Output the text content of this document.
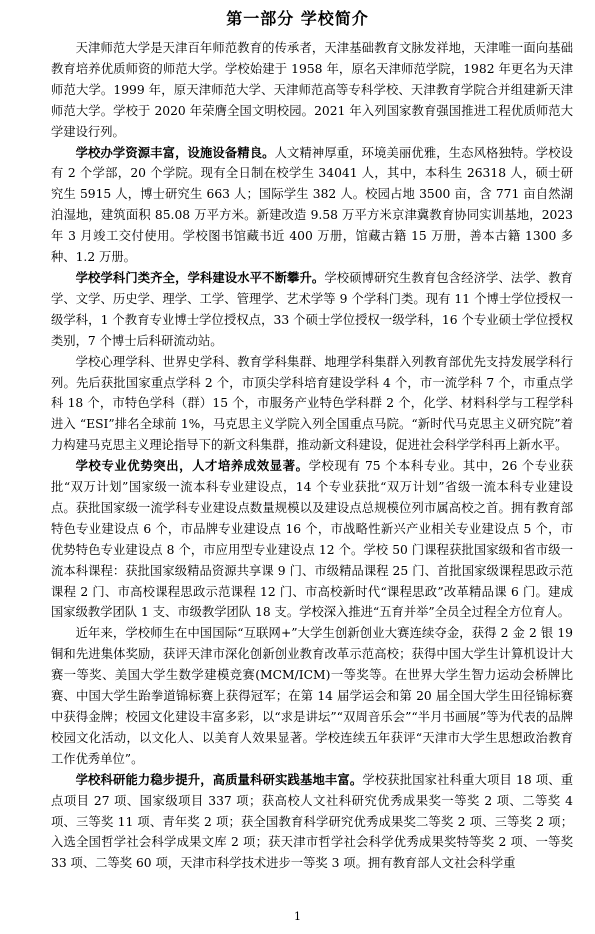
第一部分 学校简介

天津师范大学是天津百年师范教育的传承者，天津基础教育文脉发祥地，天津唯一面向基础教育培养优质师资的师范大学。学校始建于 1958 年，原名天津师范学院，1982 年更名为天津师范大学。1999 年，原天津师范大学、天津师范高等专科学校、天津教育学院合并组建新天津师范大学。学校于 2020 年荣膺全国文明校园。2021 年入列国家教育强国推进工程优质师范大学建设行列。

学校办学资源丰富，设施设备精良。人文精神厚重，环境美丽优雅，生态风格独特。学校设有 2 个学部，20 个学院。现有全日制在校学生 34041 人，其中，本科生 26318 人，硕士研究生 5915 人，博士研究生 663 人；国际学生 382 人。校园占地 3500 亩，含 771 亩自然湖泊湿地，建筑面积 85.08 万平方米。新建改造 9.58 万平方米京津冀教育协同实训基地，2023 年 3 月竣工交付使用。学校图书馆藏书近 400 万册，馆藏古籍 15 万册，善本古籍 1300 多种、1.2 万册。

学校学科门类齐全，学科建设水平不断攀升。学校硕博研究生教育包含经济学、法学、教育学、文学、历史学、理学、工学、管理学、艺术学等 9 个学科门类。现有 11 个博士学位授权一级学科，1 个教育专业博士学位授权点，33 个硕士学位授权一级学科，16 个专业硕士学位授权类别，7 个博士后科研流动站。

学校心理学科、世界史学科、教育学科集群、地理学科集群入列教育部优先支持发展学科行列。先后获批国家重点学科 2 个，市顶尖学科培育建设学科 4 个，市一流学科 7 个，市重点学科 18 个，市特色学科（群）15 个，市服务产业特色学科群 2 个，化学、材料科学与工程学科进入 “ESI”排名全球前 1%，马克思主义学院入列全国重点马院。“新时代马克思主义研究院”着力构建马克思主义理论指导下的新文科集群，推动新文科建设，促进社会科学学科再上新水平。

学校专业优势突出，人才培养成效显著。学校现有 75 个本科专业。其中，26 个专业获批“双万计划”国家级一流本科专业建设点，14 个专业获批“双万计划”省级一流本科专业建设点。获批国家级一流学科专业建设点数量规模以及建设点总规模位列市属高校之首。拥有教育部特色专业建设点 6 个，市品牌专业建设点 16 个，市战略性新兴产业相关专业建设点 5 个，市优势特色专业建设点 8 个，市应用型专业建设点 12 个。学校 50 门课程获批国家级和省市级一流本科课程：获批国家级精品资源共享课 9 门、市级精品课程 25 门、首批国家级课程思政示范课程 2 门、市高校课程思政示范课程 12 门、市高校新时代“课程思政”改革精品课 6 门。建成国家级教学团队 1 支、市级教学团队 18 支。学校深入推进“五育并举”全员全过程全方位育人。

近年来，学校师生在中国国际“互联网+”大学生创新创业大赛连续夺金，获得 2 金 2 银 19 铜和先进集体奖励，获评天津市深化创新创业教育改革示范高校；获得中国大学生计算机设计大赛一等奖、美国大学生数学建模竞赛(MCM/ICM)一等奖等。在世界大学生智力运动会桥牌比赛、中国大学生跆拳道锦标赛上获得冠军；在第 14 届学运会和第 20 届全国大学生田径锦标赛中获得金牌；校园文化建设丰富多彩，以“求是讲坛”“双周音乐会”“半月书画展”等为代表的品牌校园文化活动，以文化人、以美育人效果显著。学校连续五年获评“天津市大学生思想政治教育工作优秀单位”。

学校科研能力稳步提升，高质量科研实践基地丰富。学校获批国家社科重大项目 18 项、重点项目 27 项、国家级项目 337 项；获高校人文社科研究优秀成果奖一等奖 2 项、二等奖 4 项、三等奖 11 项、青年奖 2 项；获全国教育科学研究优秀成果奖二等奖 2 项、三等奖 2 项；入选全国哲学社会科学成果文库 2 项；获天津市哲学社会科学优秀成果奖特等奖 2 项、一等奖 33 项、二等奖 60 项，天津市科学技术进步一等奖 3 项。拥有教育部人文社会科学重

1
